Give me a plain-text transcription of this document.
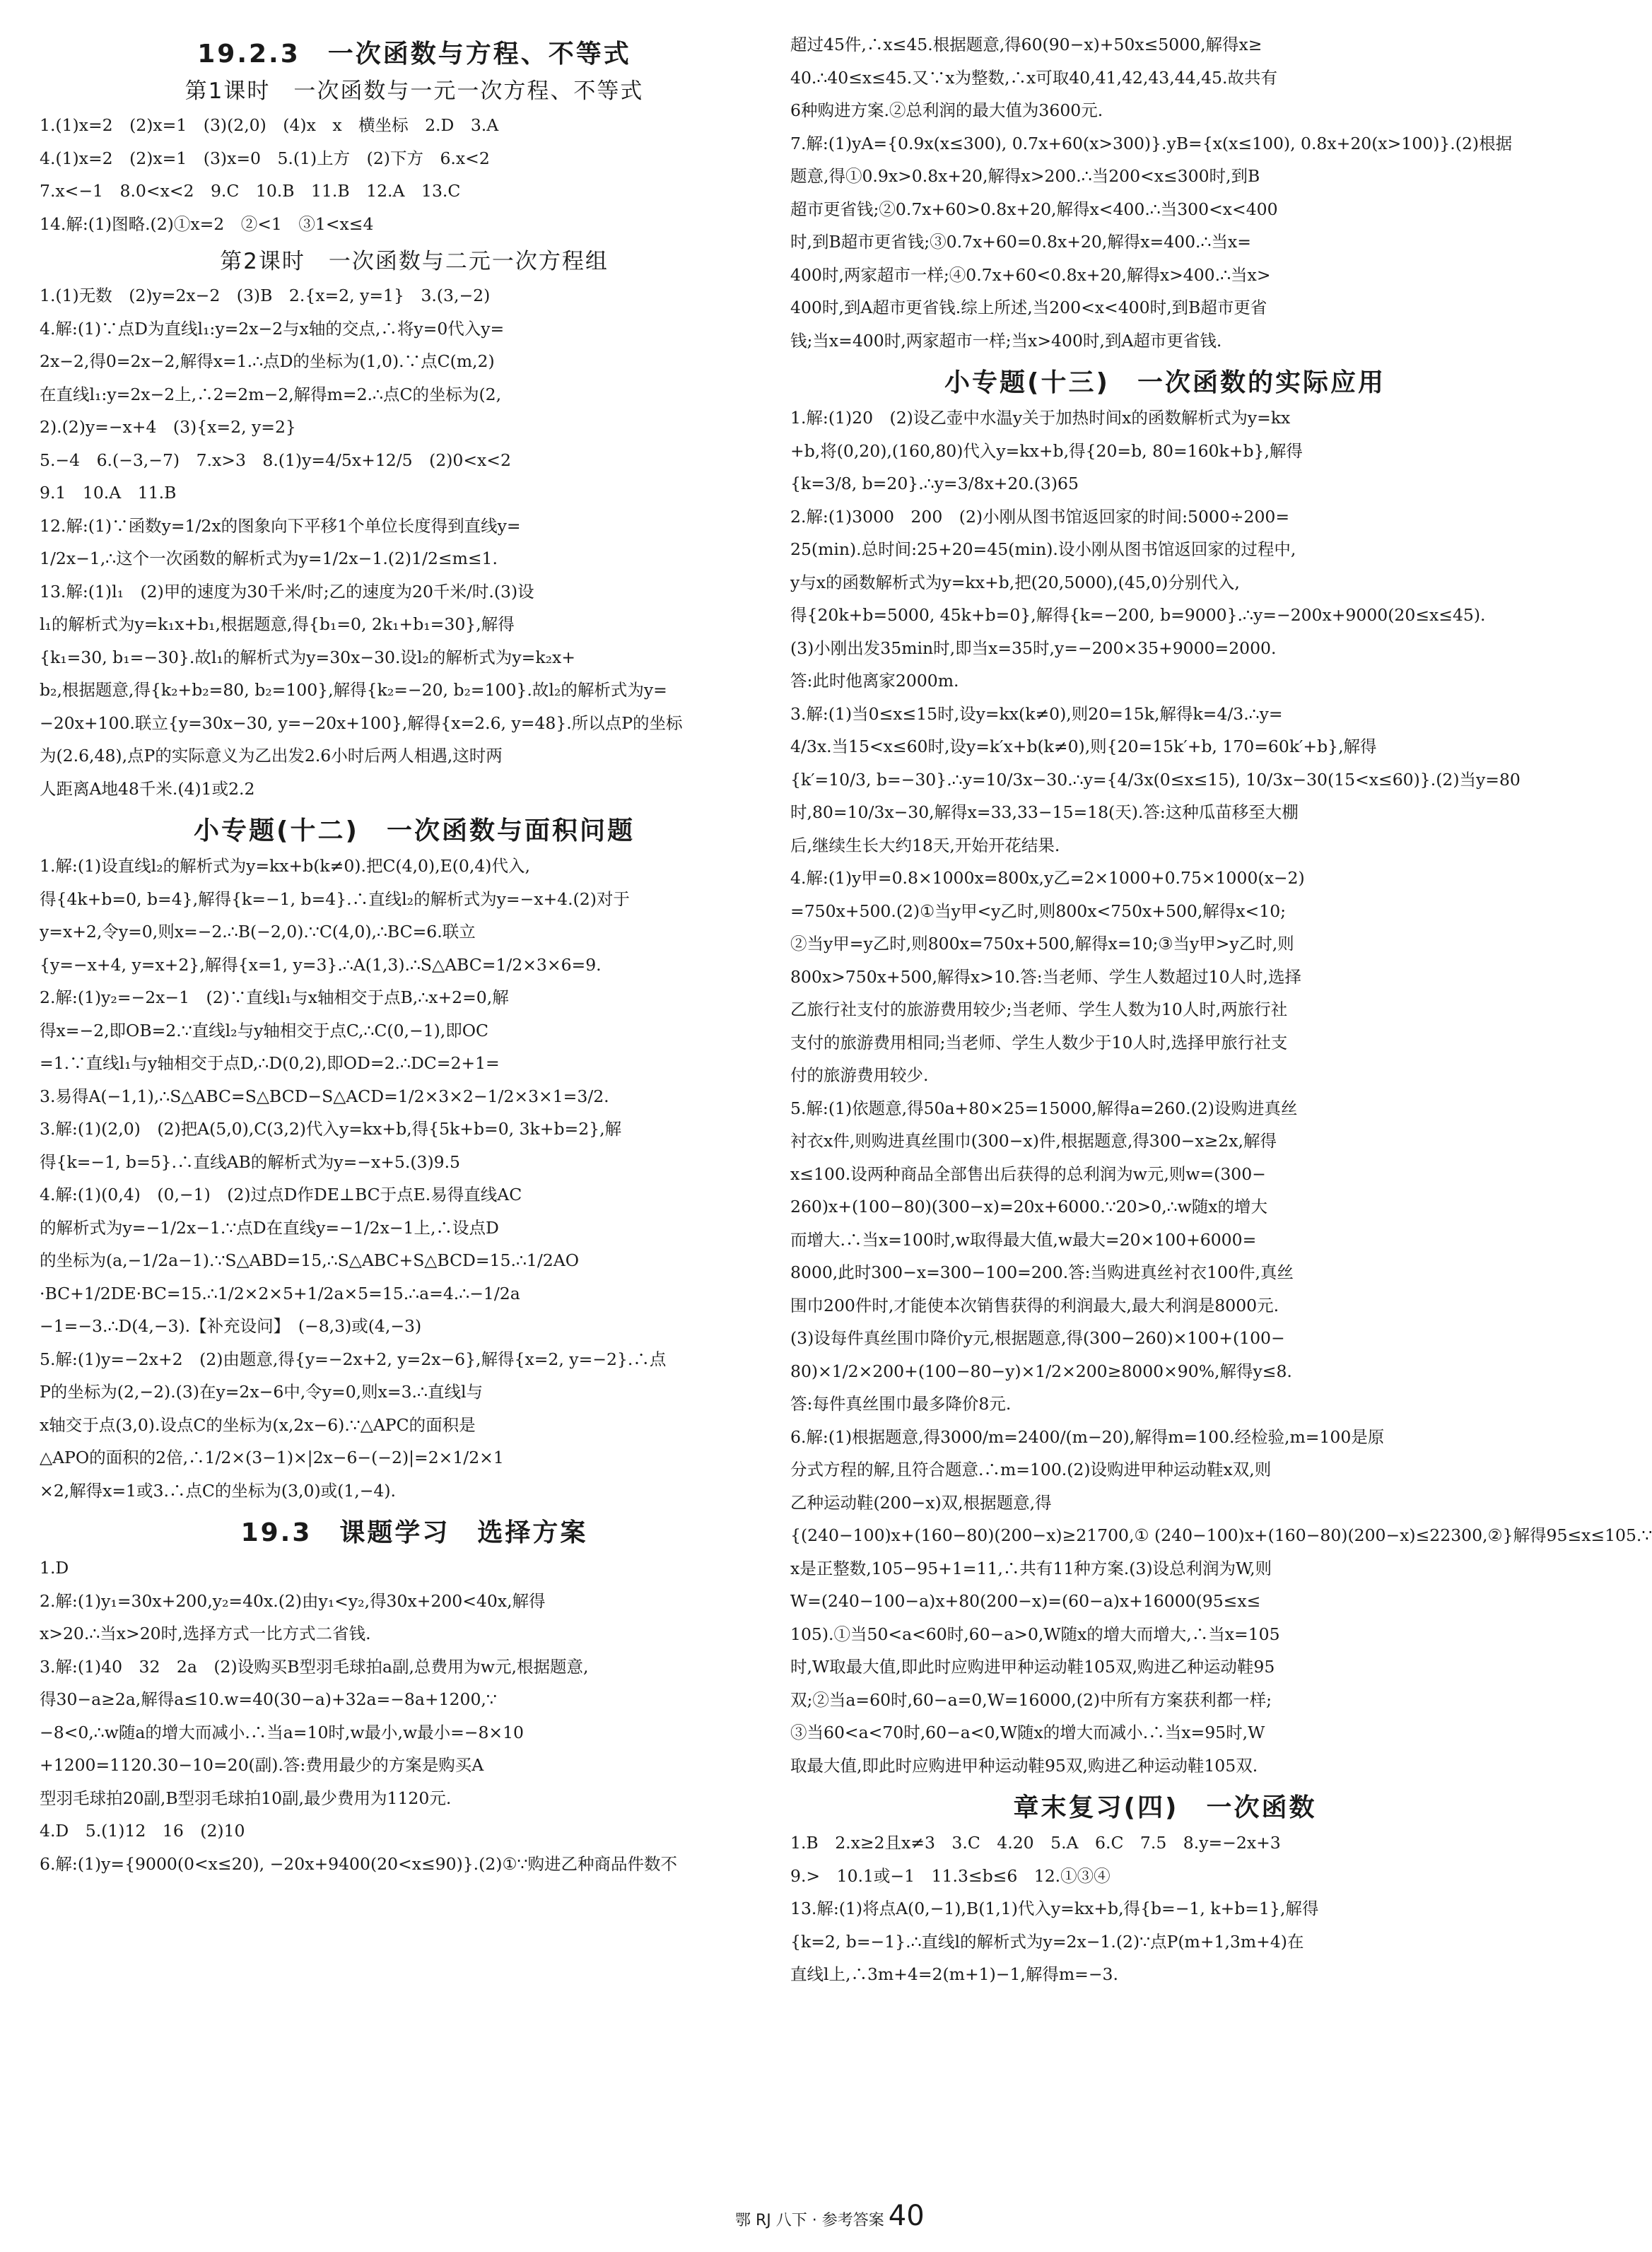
19.2.3　一次函数与方程、不等式
第1课时　一次函数与一元一次方程、不等式
1.(1)x=2　(2)x=1　(3)(2,0)　(4)x　x　横坐标　2.D　3.A
4.(1)x=2　(2)x=1　(3)x=0　5.(1)上方　(2)下方　6.x<2
7.x<−1　8.0<x<2　9.C　10.B　11.B　12.A　13.C
14.解:(1)图略.(2)①x=2　②<1　③1<x≤4
第2课时　一次函数与二元一次方程组
1.(1)无数　(2)y=2x−2　(3)B　2.{x=2, y=1}　3.(3,−2)
4.解:(1)∵点D为直线l₁:y=2x−2与x轴的交点,∴将y=0代入y=
2x−2,得0=2x−2,解得x=1.∴点D的坐标为(1,0).∵点C(m,2)
在直线l₁:y=2x−2上,∴2=2m−2,解得m=2.∴点C的坐标为(2,
2).(2)y=−x+4　(3){x=2, y=2}
5.−4　6.(−3,−7)　7.x>3　8.(1)y=4/5x+12/5　(2)0<x<2
9.1　10.A　11.B
12.解:(1)∵函数y=1/2x的图象向下平移1个单位长度得到直线y=
1/2x−1,∴这个一次函数的解析式为y=1/2x−1.(2)1/2≤m≤1.
13.解:(1)l₁　(2)甲的速度为30千米/时;乙的速度为20千米/时.(3)设
l₁的解析式为y=k₁x+b₁,根据题意,得{b₁=0, 2k₁+b₁=30},解得
{k₁=30, b₁=−30}.故l₁的解析式为y=30x−30.设l₂的解析式为y=k₂x+
b₂,根据题意,得{k₂+b₂=80, b₂=100},解得{k₂=−20, b₂=100}.故l₂的解析式为y=
−20x+100.联立{y=30x−30, y=−20x+100},解得{x=2.6, y=48}.所以点P的坐标
为(2.6,48),点P的实际意义为乙出发2.6小时后两人相遇,这时两
人距离A地48千米.(4)1或2.2
小专题(十二)　一次函数与面积问题
1.解:(1)设直线l₂的解析式为y=kx+b(k≠0).把C(4,0),E(0,4)代入,
得{4k+b=0, b=4},解得{k=−1, b=4}.∴直线l₂的解析式为y=−x+4.(2)对于
y=x+2,令y=0,则x=−2.∴B(−2,0).∵C(4,0),∴BC=6.联立
{y=−x+4, y=x+2},解得{x=1, y=3}.∴A(1,3).∴S△ABC=1/2×3×6=9.
2.解:(1)y₂=−2x−1　(2)∵直线l₁与x轴相交于点B,∴x+2=0,解
得x=−2,即OB=2.∵直线l₂与y轴相交于点C,∴C(0,−1),即OC
=1.∵直线l₁与y轴相交于点D,∴D(0,2),即OD=2.∴DC=2+1=
3.易得A(−1,1),∴S△ABC=S△BCD−S△ACD=1/2×3×2−1/2×3×1=3/2.
3.解:(1)(2,0)　(2)把A(5,0),C(3,2)代入y=kx+b,得{5k+b=0, 3k+b=2},解
得{k=−1, b=5}.∴直线AB的解析式为y=−x+5.(3)9.5
4.解:(1)(0,4)　(0,−1)　(2)过点D作DE⊥BC于点E.易得直线AC
的解析式为y=−1/2x−1.∵点D在直线y=−1/2x−1上,∴设点D
的坐标为(a,−1/2a−1).∵S△ABD=15,∴S△ABC+S△BCD=15.∴1/2AO
·BC+1/2DE·BC=15.∴1/2×2×5+1/2a×5=15.∴a=4.∴−1/2a
−1=−3.∴D(4,−3).【补充设问】　(−8,3)或(4,−3)
5.解:(1)y=−2x+2　(2)由题意,得{y=−2x+2, y=2x−6},解得{x=2, y=−2}.∴点
P的坐标为(2,−2).(3)在y=2x−6中,令y=0,则x=3.∴直线l与
x轴交于点(3,0).设点C的坐标为(x,2x−6).∵△APC的面积是
△APO的面积的2倍,∴1/2×(3−1)×|2x−6−(−2)|=2×1/2×1
×2,解得x=1或3.∴点C的坐标为(3,0)或(1,−4).
19.3　课题学习　选择方案
1.D
2.解:(1)y₁=30x+200,y₂=40x.(2)由y₁<y₂,得30x+200<40x,解得
x>20.∴当x>20时,选择方式一比方式二省钱.
3.解:(1)40　32　2a　(2)设购买B型羽毛球拍a副,总费用为w元,根据题意,
得30−a≥2a,解得a≤10.w=40(30−a)+32a=−8a+1200,∵
−8<0,∴w随a的增大而减小.∴当a=10时,w最小,w最小=−8×10
+1200=1120.30−10=20(副).答:费用最少的方案是购买A
型羽毛球拍20副,B型羽毛球拍10副,最少费用为1120元.
4.D　5.(1)12　16　(2)10
6.解:(1)y={9000(0<x≤20), −20x+9400(20<x≤90)}.(2)①∵购进乙种商品件数不
超过45件,∴x≤45.根据题意,得60(90−x)+50x≤5000,解得x≥
40.∴40≤x≤45.又∵x为整数,∴x可取40,41,42,43,44,45.故共有
6种购进方案.②总利润的最大值为3600元.
7.解:(1)yA={0.9x(x≤300), 0.7x+60(x>300)}.yB={x(x≤100), 0.8x+20(x>100)}.(2)根据
题意,得①0.9x>0.8x+20,解得x>200.∴当200<x≤300时,到B
超市更省钱;②0.7x+60>0.8x+20,解得x<400.∴当300<x<400
时,到B超市更省钱;③0.7x+60=0.8x+20,解得x=400.∴当x=
400时,两家超市一样;④0.7x+60<0.8x+20,解得x>400.∴当x>
400时,到A超市更省钱.综上所述,当200<x<400时,到B超市更省
钱;当x=400时,两家超市一样;当x>400时,到A超市更省钱.
小专题(十三)　一次函数的实际应用
1.解:(1)20　(2)设乙壶中水温y关于加热时间x的函数解析式为y=kx
+b,将(0,20),(160,80)代入y=kx+b,得{20=b, 80=160k+b},解得
{k=3/8, b=20}.∴y=3/8x+20.(3)65
2.解:(1)3000　200　(2)小刚从图书馆返回家的时间:5000÷200=
25(min).总时间:25+20=45(min).设小刚从图书馆返回家的过程中,
y与x的函数解析式为y=kx+b,把(20,5000),(45,0)分别代入,
得{20k+b=5000, 45k+b=0},解得{k=−200, b=9000}.∴y=−200x+9000(20≤x≤45).
(3)小刚出发35min时,即当x=35时,y=−200×35+9000=2000.
答:此时他离家2000m.
3.解:(1)当0≤x≤15时,设y=kx(k≠0),则20=15k,解得k=4/3.∴y=
4/3x.当15<x≤60时,设y=k′x+b(k≠0),则{20=15k′+b, 170=60k′+b},解得
{k′=10/3, b=−30}.∴y=10/3x−30.∴y={4/3x(0≤x≤15), 10/3x−30(15<x≤60)}.(2)当y=80
时,80=10/3x−30,解得x=33,33−15=18(天).答:这种瓜苗移至大棚
后,继续生长大约18天,开始开花结果.
4.解:(1)y甲=0.8×1000x=800x,y乙=2×1000+0.75×1000(x−2)
=750x+500.(2)①当y甲<y乙时,则800x<750x+500,解得x<10;
②当y甲=y乙时,则800x=750x+500,解得x=10;③当y甲>y乙时,则
800x>750x+500,解得x>10.答:当老师、学生人数超过10人时,选择
乙旅行社支付的旅游费用较少;当老师、学生人数为10人时,两旅行社
支付的旅游费用相同;当老师、学生人数少于10人时,选择甲旅行社支
付的旅游费用较少.
5.解:(1)依题意,得50a+80×25=15000,解得a=260.(2)设购进真丝
衬衣x件,则购进真丝围巾(300−x)件,根据题意,得300−x≥2x,解得
x≤100.设两种商品全部售出后获得的总利润为w元,则w=(300−
260)x+(100−80)(300−x)=20x+6000.∵20>0,∴w随x的增大
而增大.∴当x=100时,w取得最大值,w最大=20×100+6000=
8000,此时300−x=300−100=200.答:当购进真丝衬衣100件,真丝
围巾200件时,才能使本次销售获得的利润最大,最大利润是8000元.
(3)设每件真丝围巾降价y元,根据题意,得(300−260)×100+(100−
80)×1/2×200+(100−80−y)×1/2×200≥8000×90%,解得y≤8.
答:每件真丝围巾最多降价8元.
6.解:(1)根据题意,得3000/m=2400/(m−20),解得m=100.经检验,m=100是原
分式方程的解,且符合题意.∴m=100.(2)设购进甲种运动鞋x双,则
乙种运动鞋(200−x)双,根据题意,得
{(240−100)x+(160−80)(200−x)≥21700,① (240−100)x+(160−80)(200−x)≤22300,②}解得95≤x≤105.∵
x是正整数,105−95+1=11,∴共有11种方案.(3)设总利润为W,则
W=(240−100−a)x+80(200−x)=(60−a)x+16000(95≤x≤
105).①当50<a<60时,60−a>0,W随x的增大而增大,∴当x=105
时,W取最大值,即此时应购进甲种运动鞋105双,购进乙种运动鞋95
双;②当a=60时,60−a=0,W=16000,(2)中所有方案获利都一样;
③当60<a<70时,60−a<0,W随x的增大而减小.∴当x=95时,W
取最大值,即此时应购进甲种运动鞋95双,购进乙种运动鞋105双.
章末复习(四)　一次函数
1.B　2.x≥2且x≠3　3.C　4.20　5.A　6.C　7.5　8.y=−2x+3
9.>　10.1或−1　11.3≤b≤6　12.①③④
13.解:(1)将点A(0,−1),B(1,1)代入y=kx+b,得{b=−1, k+b=1},解得
{k=2, b=−1}.∴直线l的解析式为y=2x−1.(2)∵点P(m+1,3m+4)在
直线l上,∴3m+4=2(m+1)−1,解得m=−3.
鄂 RJ 八下 · 参考答案 40
